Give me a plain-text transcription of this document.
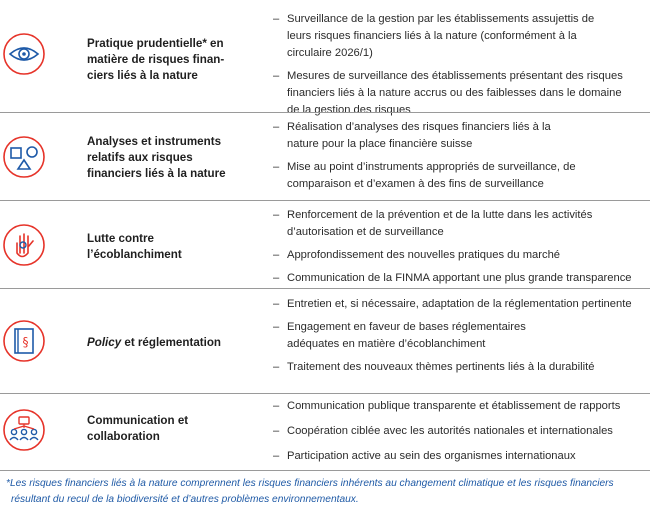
Pratique prudentielle* en
matière de risques finan-
ciers liés à la nature
– Surveillance de la gestion par les établissements assujettis de leurs risques financiers liés à la nature (conformément à la circulaire 2026/1)
– Mesures de surveillance des établissements présentant des risques financiers liés à la nature accrus ou des faiblesses dans le domaine de la gestion des risques
Analyses et instruments
relatifs aux risques
financiers liés à la nature
– Réalisation d’analyses des risques financiers liés à la nature pour la place financière suisse
– Mise au point d’instruments appropriés de surveillance, de comparaison et d’examen à des fins de surveillance
Lutte contre
l’écoblanchiment
– Renforcement de la prévention et de la lutte dans les activités d’autorisation et de surveillance
– Approfondissement des nouvelles pratiques du marché
– Communication de la FINMA apportant une plus grande transparence
§	Policy et réglementation
– Entretien et, si nécessaire, adaptation de la réglementation pertinente
– Engagement en faveur de bases réglementaires adéquates en matière d’écoblanchiment
– Traitement des nouveaux thèmes pertinents liés à la durabilité
Communication et
collaboration
– Communication publique transparente et établissement de rapports
– Coopération ciblée avec les autorités nationales et internationales
– Participation active au sein des organismes internationaux
*Les risques financiers liés à la nature comprennent les risques financiers inhérents au changement climatique et les risques financiers
résultant du recul de la biodiversité et d’autres problèmes environnementaux.
